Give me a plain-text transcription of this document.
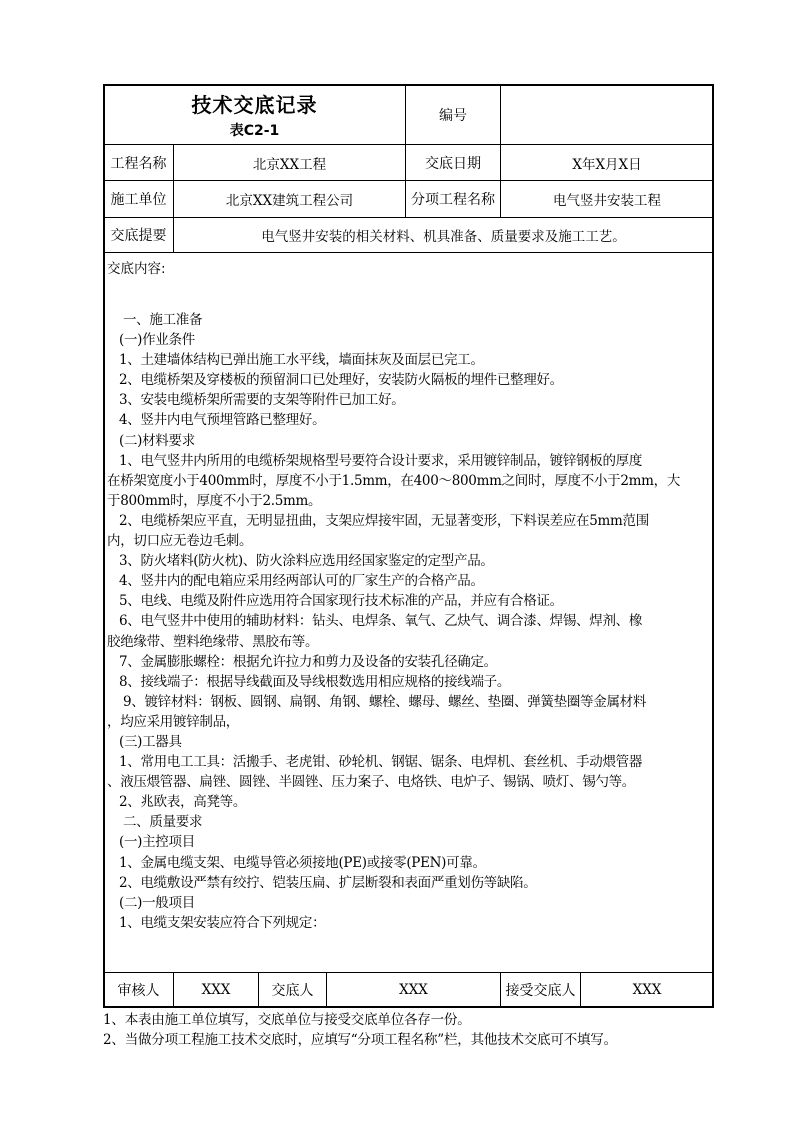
技术交底记录
表C2-1
编号
工程名称	北京XX工程	交底日期	X年X月X日
施工单位	北京XX建筑工程公司	分项工程名称	电气竖井安装工程
交底提要	电气竖井安装的相关材料、机具准备、质量要求及施工工艺。
交底内容:

一、施工准备

(一)作业条件

1、土建墙体结构已弹出施工水平线，墙面抹灰及面层已完工。

2、电缆桥架及穿楼板的预留洞口已处理好，安装防火隔板的埋件已整理好。

3、安装电缆桥架所需要的支架等附件已加工好。

4、竖井内电气预埋管路已整理好。

(二)材料要求

1、电气竖井内所用的电缆桥架规格型号要符合设计要求，采用镀锌制品，镀锌钢板的厚度

在桥架宽度小于400mm时，厚度不小于1.5mm，在400～800mm之间时，厚度不小于2mm，大

于800mm时，厚度不小于2.5mm。

2、电缆桥架应平直，无明显扭曲，支架应焊接牢固，无显著变形，下料误差应在5mm范围

内，切口应无卷边毛刺。

3、防火堵料(防火枕)、防火涂料应选用经国家鉴定的定型产品。

4、竖井内的配电箱应采用经两部认可的厂家生产的合格产品。

5、电线、电缆及附件应选用符合国家现行技术标准的产品，并应有合格证。

6、电气竖井中使用的辅助材料：钻头、电焊条、氧气、乙炔气、调合漆、焊锡、焊剂、橡

胶绝缘带、塑料绝缘带、黑胶布等。

7、金属膨胀螺栓：根据允许拉力和剪力及设备的安装孔径确定。

8、接线端子：根据导线截面及导线根数选用相应规格的接线端子。

9、镀锌材料：钢板、圆钢、扁钢、角钢、螺栓、螺母、螺丝、垫圈、弹簧垫圈等金属材料

，均应采用镀锌制品，

(三)工器具

1、常用电工工具：活搬手、老虎钳、砂轮机、钢锯、锯条、电焊机、套丝机、手动煨管器

、液压煨管器、扁锉、圆锉、半圆锉、压力案子、电烙铁、电炉子、锡锅、喷灯、锡勺等。

2、兆欧表，高凳等。

二、质量要求

(一)主控项目

1、金属电缆支架、电缆导管必须接地(PE)或接零(PEN)可靠。

2、电缆敷设严禁有绞拧、铠装压扁、扩层断裂和表面严重划伤等缺陷。

(二)一般项目

1、电缆支架安装应符合下列规定：

审核人	XXX	交底人	XXX	接受交底人	XXX

1、本表由施工单位填写，交底单位与接受交底单位各存一份。

2、当做分项工程施工技术交底时，应填写“分项工程名称”栏，其他技术交底可不填写。
